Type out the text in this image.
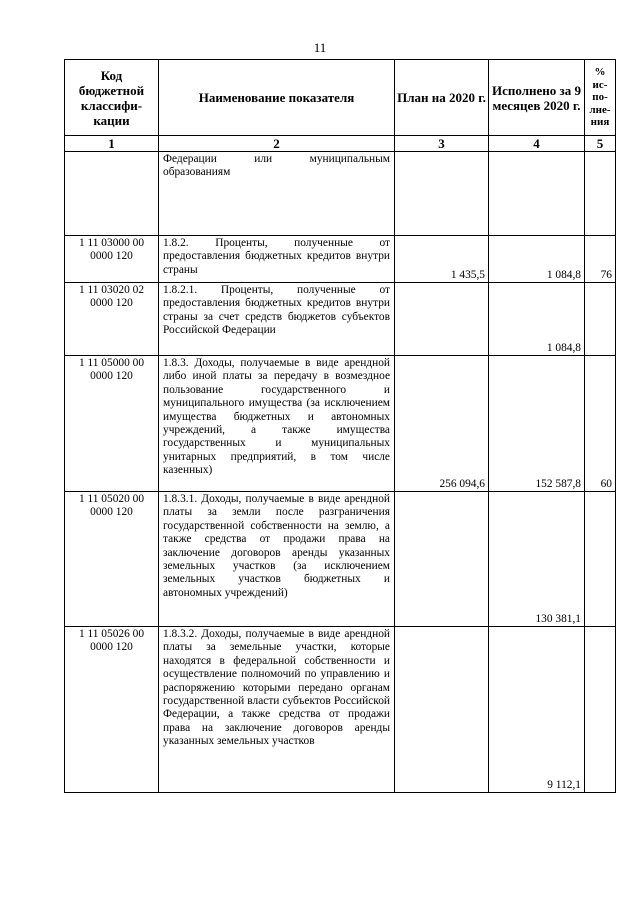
11
Код бюджетной классифи-кации	Наименование показателя	План на 2020 г.	Исполнено за 9 месяцев 2020 г.	% ис-по-лне-ния
1	2	3	4	5
	Федерации или муниципальным образованиям			
1 11 03000 00 0000 120	1.8.2. Проценты, полученные от предоставления бюджетных кредитов внутри страны	1 435,5	1 084,8	76
1 11 03020 02 0000 120	1.8.2.1. Проценты, полученные от предоставления бюджетных кредитов внутри страны за счет средств бюджетов субъектов Российской Федерации		1 084,8	
1 11 05000 00 0000 120	1.8.3. Доходы, получаемые в виде арендной либо иной платы за передачу в возмездное пользование государственного и муниципального имущества (за исключением имущества бюджетных и автономных учреждений, а также имущества государственных и муниципальных унитарных предприятий, в том числе казенных)	256 094,6	152 587,8	60
1 11 05020 00 0000 120	1.8.3.1. Доходы, получаемые в виде арендной платы за земли после разграничения государственной собственности на землю, а также средства от продажи права на заключение договоров аренды указанных земельных участков (за исключением земельных участков бюджетных и автономных учреждений)		130 381,1	
1 11 05026 00 0000 120	1.8.3.2. Доходы, получаемые в виде арендной платы за земельные участки, которые находятся в федеральной собственности и осуществление полномочий по управлению и распоряжению которыми передано органам государственной власти субъектов Российской Федерации, а также средства от продажи права на заключение договоров аренды указанных земельных участков		9 112,1	
